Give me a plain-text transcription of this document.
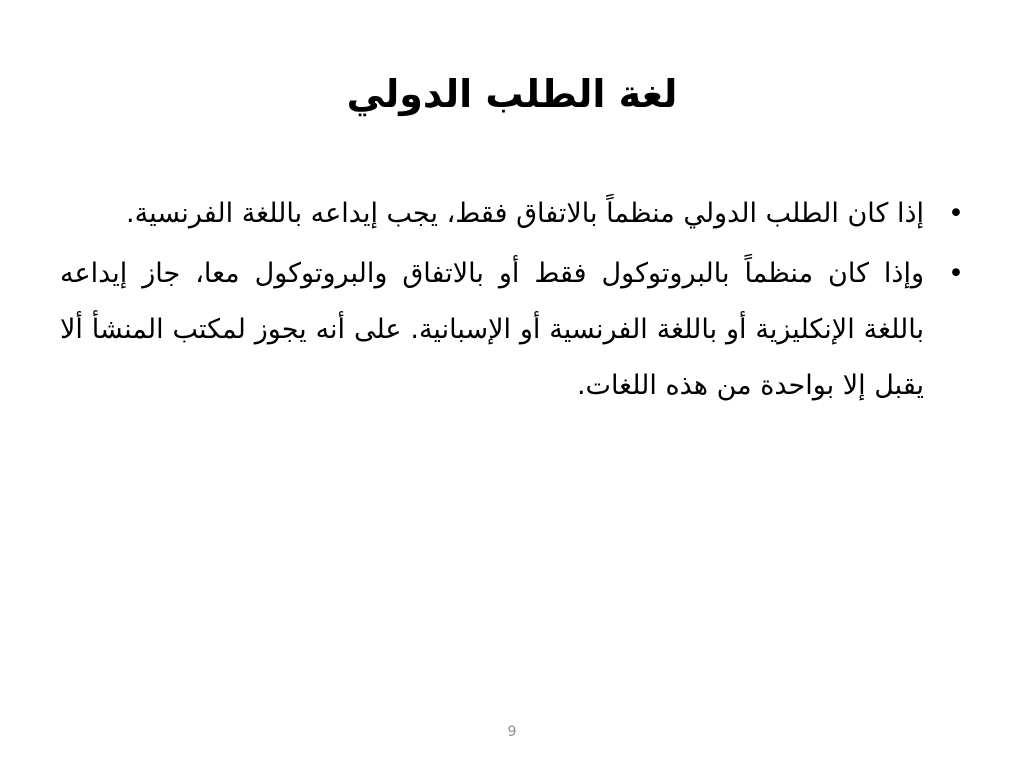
لغة الطلب الدولي
•
إذا كان الطلب الدولي منظماً بالاتفاق فقط، يجب إيداعه باللغة الفرنسية.
•
وإذا كان منظماً بالبروتوكول فقط أو بالاتفاق والبروتوكول معا، جاز إيداعه باللغة الإنكليزية أو باللغة الفرنسية أو الإسبانية. على أنه يجوز لمكتب المنشأ ألا يقبل إلا بواحدة من هذه اللغات.
9
